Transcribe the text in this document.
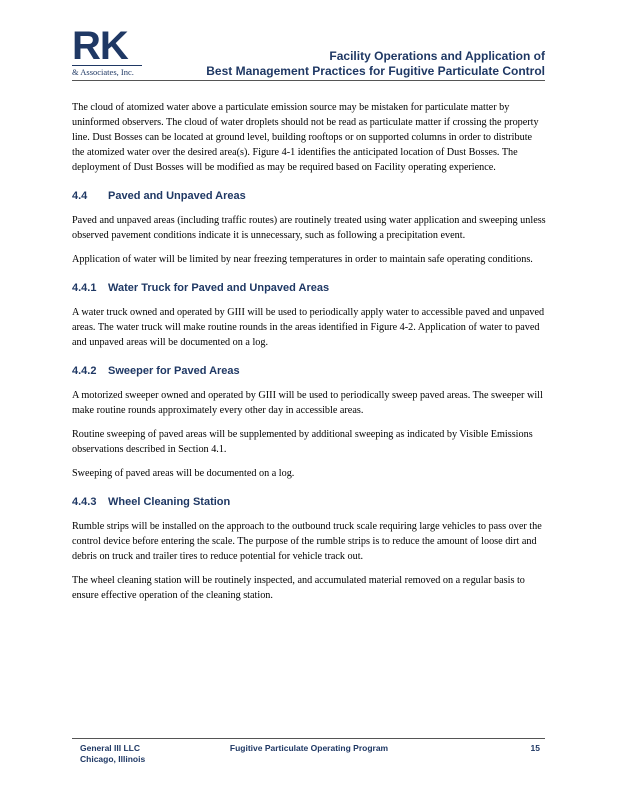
RK
& Associates, Inc.
Facility Operations and Application of
Best Management Practices for Fugitive Particulate Control

The cloud of atomized water above a particulate emission source may be mistaken for particulate matter by uninformed observers. The cloud of water droplets should not be read as particulate matter if crossing the property line. Dust Bosses can be located at ground level, building rooftops or on supported columns in order to distribute the atomized water over the desired area(s). Figure 4-1 identifies the anticipated location of Dust Bosses. The deployment of Dust Bosses will be modified as may be required based on Facility operating experience.

4.4 Paved and Unpaved Areas

Paved and unpaved areas (including traffic routes) are routinely treated using water application and sweeping unless observed pavement conditions indicate it is unnecessary, such as following a precipitation event.

Application of water will be limited by near freezing temperatures in order to maintain safe operating conditions.

4.4.1 Water Truck for Paved and Unpaved Areas

A water truck owned and operated by GIII will be used to periodically apply water to accessible paved and unpaved areas. The water truck will make routine rounds in the areas identified in Figure 4-2. Application of water to paved and unpaved areas will be documented on a log.

4.4.2 Sweeper for Paved Areas

A motorized sweeper owned and operated by GIII will be used to periodically sweep paved areas. The sweeper will make routine rounds approximately every other day in accessible areas.

Routine sweeping of paved areas will be supplemented by additional sweeping as indicated by Visible Emissions observations described in Section 4.1.

Sweeping of paved areas will be documented on a log.

4.4.3 Wheel Cleaning Station

Rumble strips will be installed on the approach to the outbound truck scale requiring large vehicles to pass over the control device before entering the scale. The purpose of the rumble strips is to reduce the amount of loose dirt and debris on truck and trailer tires to reduce potential for vehicle track out.

The wheel cleaning station will be routinely inspected, and accumulated material removed on a regular basis to ensure effective operation of the cleaning station.

General III LLC
Chicago, Illinois
Fugitive Particulate Operating Program	15
